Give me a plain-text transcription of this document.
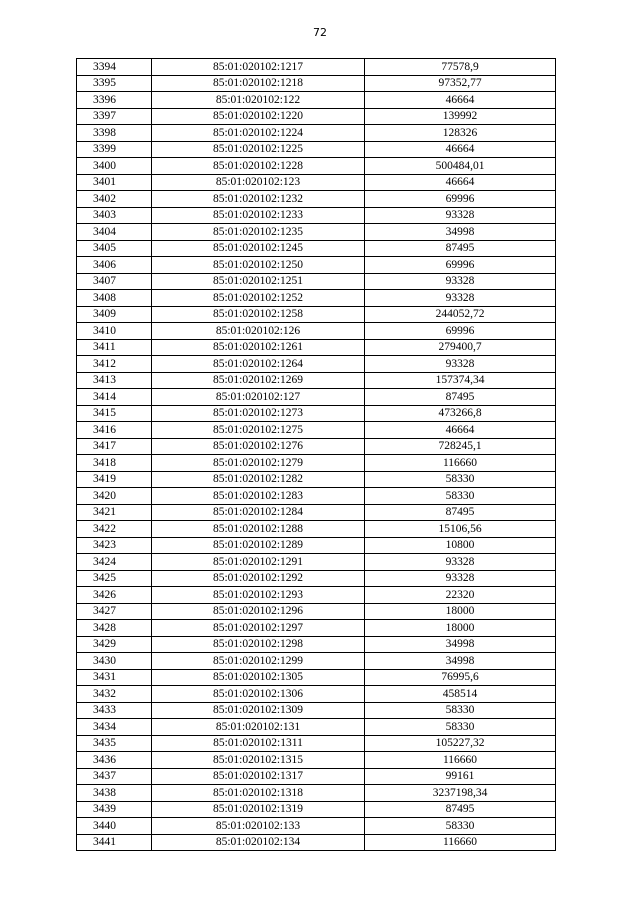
72
3394	85:01:020102:1217	77578,9
3395	85:01:020102:1218	97352,77
3396	85:01:020102:122	46664
3397	85:01:020102:1220	139992
3398	85:01:020102:1224	128326
3399	85:01:020102:1225	46664
3400	85:01:020102:1228	500484,01
3401	85:01:020102:123	46664
3402	85:01:020102:1232	69996
3403	85:01:020102:1233	93328
3404	85:01:020102:1235	34998
3405	85:01:020102:1245	87495
3406	85:01:020102:1250	69996
3407	85:01:020102:1251	93328
3408	85:01:020102:1252	93328
3409	85:01:020102:1258	244052,72
3410	85:01:020102:126	69996
3411	85:01:020102:1261	279400,7
3412	85:01:020102:1264	93328
3413	85:01:020102:1269	157374,34
3414	85:01:020102:127	87495
3415	85:01:020102:1273	473266,8
3416	85:01:020102:1275	46664
3417	85:01:020102:1276	728245,1
3418	85:01:020102:1279	116660
3419	85:01:020102:1282	58330
3420	85:01:020102:1283	58330
3421	85:01:020102:1284	87495
3422	85:01:020102:1288	15106,56
3423	85:01:020102:1289	10800
3424	85:01:020102:1291	93328
3425	85:01:020102:1292	93328
3426	85:01:020102:1293	22320
3427	85:01:020102:1296	18000
3428	85:01:020102:1297	18000
3429	85:01:020102:1298	34998
3430	85:01:020102:1299	34998
3431	85:01:020102:1305	76995,6
3432	85:01:020102:1306	458514
3433	85:01:020102:1309	58330
3434	85:01:020102:131	58330
3435	85:01:020102:1311	105227,32
3436	85:01:020102:1315	116660
3437	85:01:020102:1317	99161
3438	85:01:020102:1318	3237198,34
3439	85:01:020102:1319	87495
3440	85:01:020102:133	58330
3441	85:01:020102:134	116660
